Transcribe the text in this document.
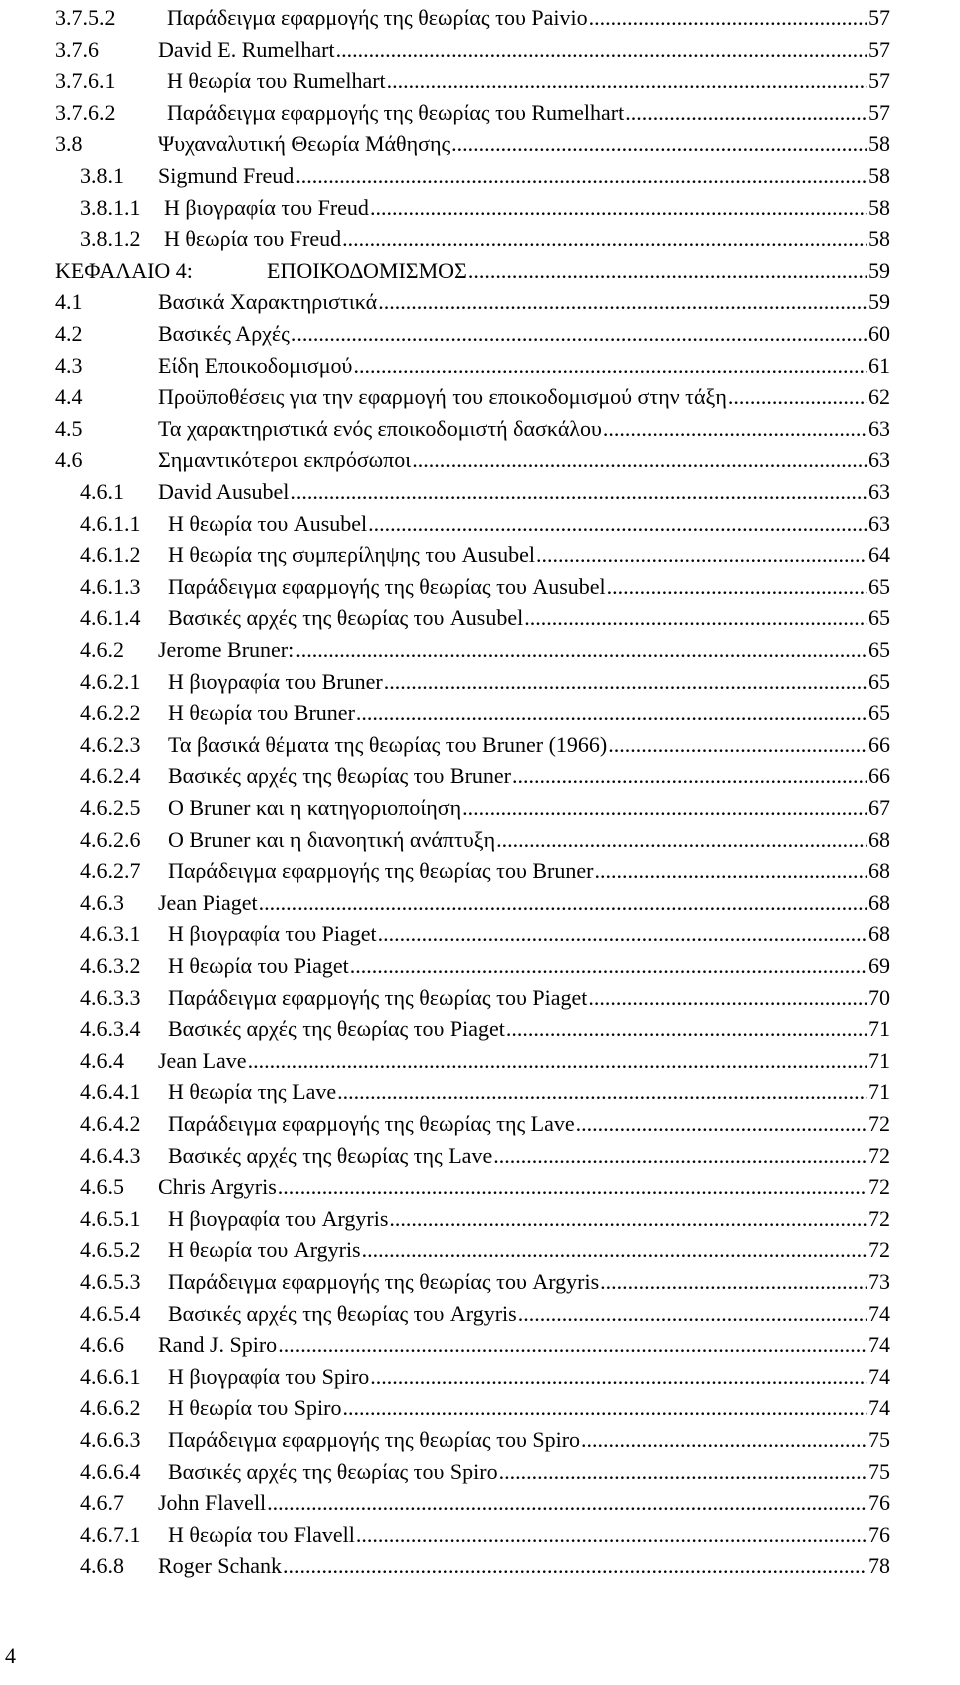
3.7.5.2	Παράδειγμα εφαρμογής της θεωρίας του Paivio .....	57
3.7.6	David E. Rumelhart .....	57
3.7.6.1	Η θεωρία του Rumelhart .....	57
3.7.6.2	Παράδειγμα εφαρμογής της θεωρίας του Rumelhart .....	57
3.8	Ψυχαναλυτική Θεωρία Μάθησης .....	58
3.8.1	Sigmund Freud .....	58
3.8.1.1	Η βιογραφία του Freud .....	58
3.8.1.2	Η θεωρία του Freud .....	58
ΚΕΦΑΛΑΙΟ 4:	ΕΠΟΙΚΟΔΟΜΙΣΜΟΣ .....	59
4.1	Βασικά Χαρακτηριστικά .....	59
4.2	Βασικές Αρχές .....	60
4.3	Είδη Εποικοδομισμού .....	61
4.4	Προϋποθέσεις για την εφαρμογή του εποικοδομισμού στην τάξη .....	62
4.5	Τα χαρακτηριστικά ενός εποικοδομιστή δασκάλου .....	63
4.6	Σημαντικότεροι εκπρόσωποι .....	63
4.6.1	David Ausubel .....	63
4.6.1.1	Η θεωρία του Ausubel .....	63
4.6.1.2	Η θεωρία της συμπερίληψης του Ausubel .....	64
4.6.1.3	Παράδειγμα εφαρμογής της θεωρίας του Ausubel .....	65
4.6.1.4	Βασικές αρχές της θεωρίας του Ausubel .....	65
4.6.2	Jerome Bruner: .....	65
4.6.2.1	Η βιογραφία του Bruner .....	65
4.6.2.2	Η θεωρία του Bruner .....	65
4.6.2.3	Τα βασικά θέματα της θεωρίας του Bruner (1966) .....	66
4.6.2.4	Βασικές αρχές της θεωρίας του Bruner .....	66
4.6.2.5	Ο Bruner και η κατηγοριοποίηση .....	67
4.6.2.6	Ο Bruner και η διανοητική ανάπτυξη .....	68
4.6.2.7	Παράδειγμα εφαρμογής της θεωρίας του Bruner .....	68
4.6.3	Jean Piaget .....	68
4.6.3.1	Η βιογραφία του Piaget .....	68
4.6.3.2	Η θεωρία του Piaget .....	69
4.6.3.3	Παράδειγμα εφαρμογής της θεωρίας του Piaget .....	70
4.6.3.4	Βασικές αρχές της θεωρίας του Piaget .....	71
4.6.4	Jean Lave .....	71
4.6.4.1	Η θεωρία της Lave .....	71
4.6.4.2	Παράδειγμα εφαρμογής της θεωρίας της Lave .....	72
4.6.4.3	Βασικές αρχές της θεωρίας της Lave .....	72
4.6.5	Chris Argyris .....	72
4.6.5.1	Η βιογραφία του Argyris .....	72
4.6.5.2	Η θεωρία του Argyris .....	72
4.6.5.3	Παράδειγμα εφαρμογής της θεωρίας του Argyris .....	73
4.6.5.4	Βασικές αρχές της θεωρίας του Argyris .....	74
4.6.6	Rand J. Spiro .....	74
4.6.6.1	Η βιογραφία του Spiro .....	74
4.6.6.2	Η θεωρία του Spiro .....	74
4.6.6.3	Παράδειγμα εφαρμογής της θεωρίας του Spiro .....	75
4.6.6.4	Βασικές αρχές της θεωρίας του Spiro .....	75
4.6.7	John Flavell .....	76
4.6.7.1	Η θεωρία του Flavell .....	76
4.6.8	Roger Schank .....	78
4
